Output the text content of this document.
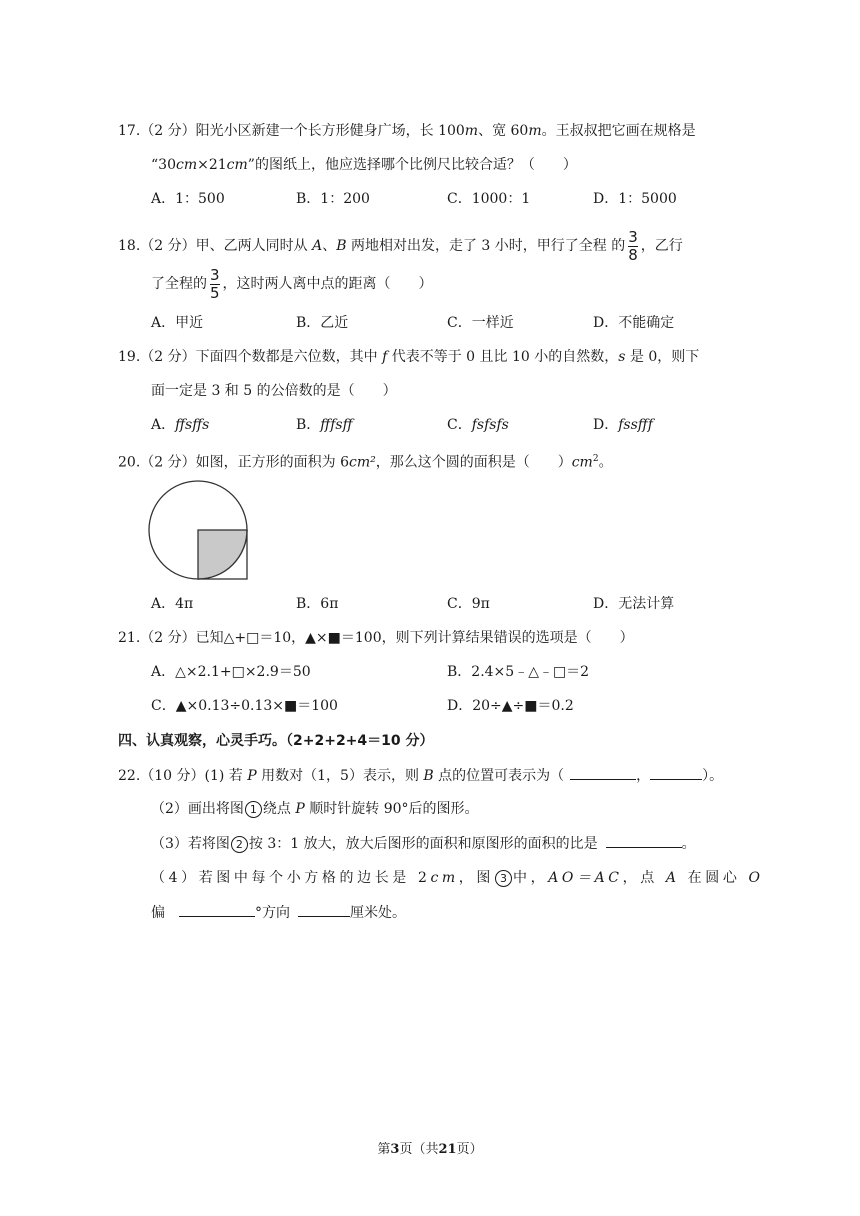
17.（2 分）阳光小区新建一个长方形健身广场，长 100m、宽 60m。王叔叔把它画在规格是
“30cm×21cm”的图纸上，他应选择哪个比例尺比较合适？（　　）
A．1：500	B．1：200	C．1000：1	D．1：5000
18.（2 分）甲、乙两人同时从 A、B 两地相对出发，走了 3 小时，甲行了全程 的 $\frac{3}{8}$ ，乙行
了全程的 $\frac{3}{5}$ ，这时两人离中点的距离（　　）
A．甲近	B．乙近	C．一样近	D．不能确定
19.（2 分）下面四个数都是六位数，其中 f 代表不等于 0 且比 10 小的自然数，s 是 0，则下
面一定是 3 和 5 的公倍数的是（　　）
A．ffsffs	B．fffsff	C．fsfsfs	D．fssfff
20.（2 分）如图，正方形的面积为 6cm²，那么这个圆的面积是（　　）$cm^2$。
A．4π	B．6π	C．9π	D．无法计算
21.（2 分）已知△+□＝10，▲×■＝100，则下列计算结果错误的选项是（　　）
A．△×2.1+□×2.9＝50	B．2.4×5﹣△﹣□＝2
C．▲×0.13÷0.13×■＝100	D．20÷▲÷■＝0.2
四、认真观察，心灵手巧。（2+2+2+4＝10 分）
22.（10 分）(1) 若 P 用数对（1，5）表示，则 B 点的位置可表示为（	，	）。
（2）画出将图 1 绕点 P 顺时针旋转 90°后的图形。
（3）若将图 2 按 3：1 放大，放大后图形的面积和原图形的面积的比是	。
（4）若图中每个小方格的边长是 2cm，图 3 中，AO＝AC，点 A 在圆心 O
偏	°方向	厘米处。
第3页（共21页）
